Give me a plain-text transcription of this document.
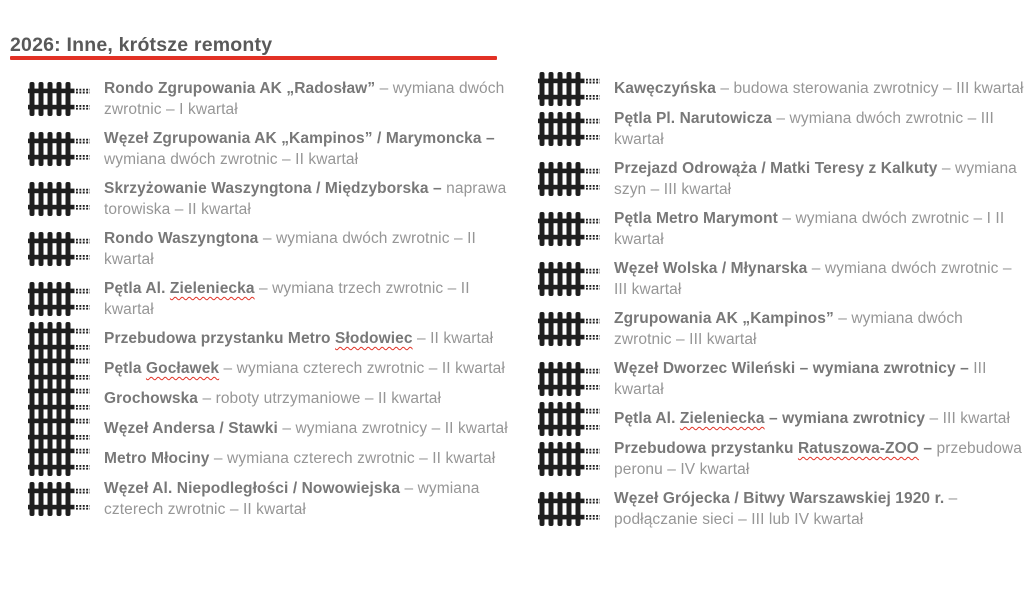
2026: Inne, krótsze remonty

Rondo Zgrupowania AK „Radosław” – wymiana dwóch zwrotnic – I kwartał

Węzeł Zgrupowania AK „Kampinos” / Marymoncka – wymiana dwóch zwrotnic – II kwartał

Skrzyżowanie Waszyngtona / Międzyborska – naprawa torowiska – II kwartał

Rondo Waszyngtona – wymiana dwóch zwrotnic – II kwartał

Pętla Al. Zieleniecka – wymiana trzech zwrotnic – II kwartał

Przebudowa przystanku Metro Słodowiec – II kwartał

Pętla Gocławek – wymiana czterech zwrotnic – II kwartał

Grochowska – roboty utrzymaniowe – II kwartał

Węzeł Andersa / Stawki – wymiana zwrotnicy – II kwartał

Metro Młociny – wymiana czterech zwrotnic – II kwartał

Węzeł Al. Niepodległości / Nowowiejska – wymiana czterech zwrotnic – II kwartał

Kawęczyńska – budowa sterowania zwrotnicy – III kwartał

Pętla Pl. Narutowicza – wymiana dwóch zwrotnic – III kwartał

Przejazd Odrowąża / Matki Teresy z Kalkuty – wymiana szyn – III kwartał

Pętla Metro Marymont – wymiana dwóch zwrotnic – I II kwartał

Węzeł Wolska / Młynarska – wymiana dwóch zwrotnic – III kwartał

Zgrupowania AK „Kampinos” – wymiana dwóch zwrotnic – III kwartał

Węzeł Dworzec Wileński – wymiana zwrotnicy – III kwartał

Pętla Al. Zieleniecka – wymiana zwrotnicy – III kwartał

Przebudowa przystanku Ratuszowa-ZOO – przebudowa peronu – IV kwartał

Węzeł Grójecka / Bitwy Warszawskiej 1920 r. – podłączanie sieci – III lub IV kwartał
